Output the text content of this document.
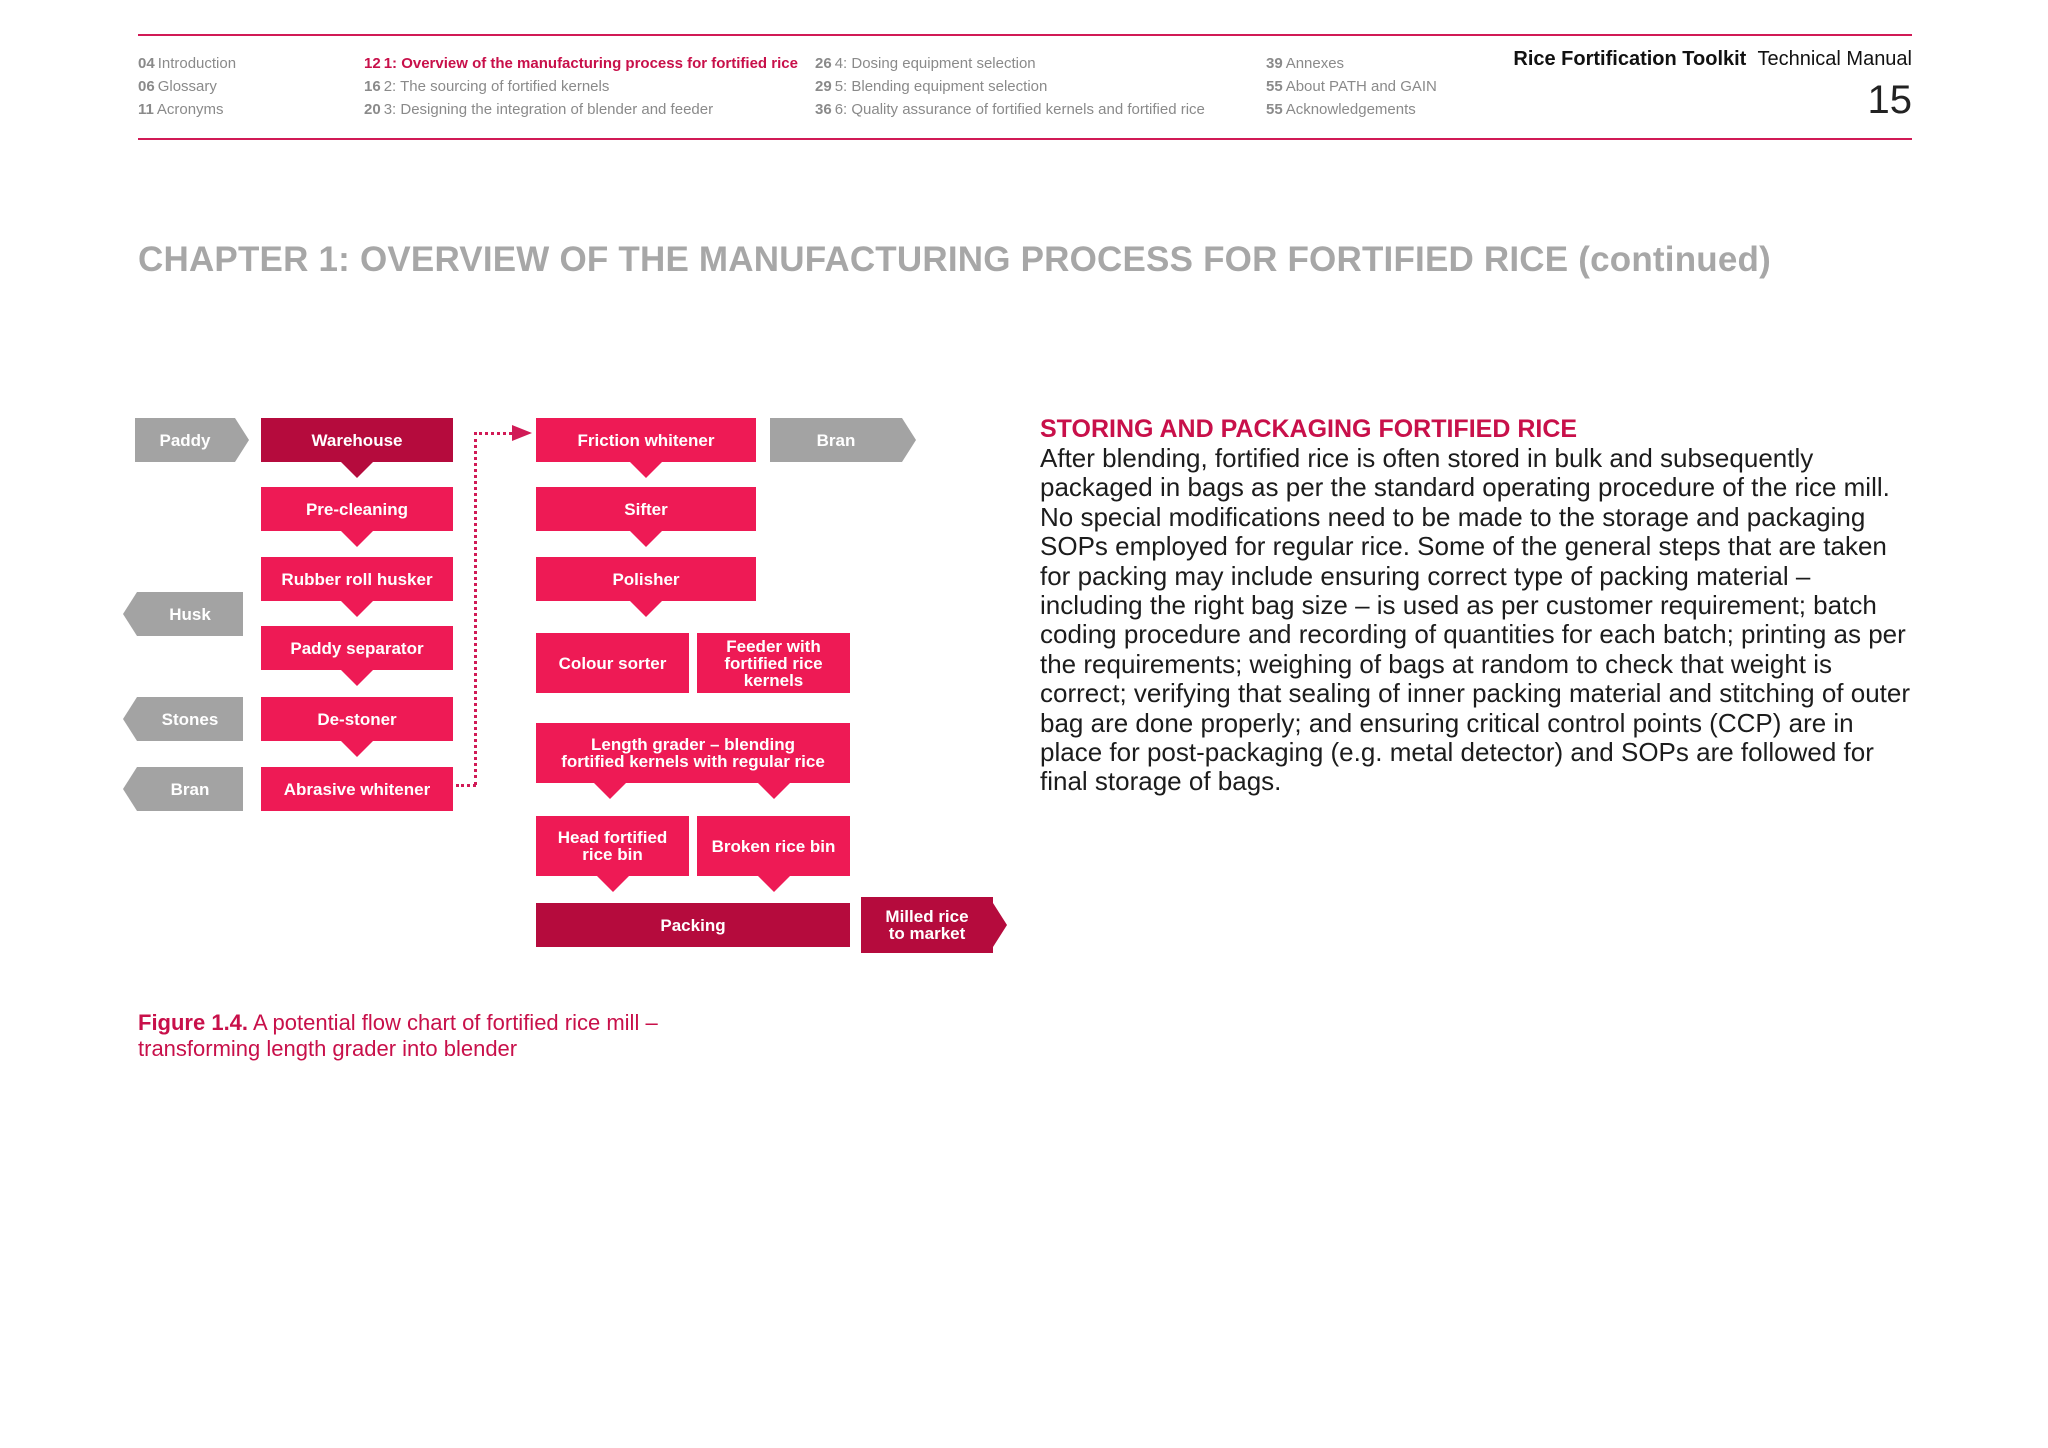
04 Introduction
06 Glossary
11 Acronyms
12 1: Overview of the manufacturing process for fortified rice
16 2: The sourcing of fortified kernels
20 3: Designing the integration of blender and feeder
26 4: Dosing equipment selection
29 5: Blending equipment selection
36 6: Quality assurance of fortified kernels and fortified rice
39 Annexes
55 About PATH and GAIN
55 Acknowledgements
Rice Fortification Toolkit Technical Manual
15
CHAPTER 1: OVERVIEW OF THE MANUFACTURING PROCESS FOR FORTIFIED RICE (continued)
Paddy
Husk
Stones
Bran
Warehouse
Pre-cleaning
Rubber roll husker
Paddy separator
De-stoner
Abrasive whitener
Friction whitener	Bran
Sifter
Polisher
Colour sorter
Feeder with
fortified rice
kernels
Length grader – blending
fortified kernels with regular rice
Head fortified
rice bin	Broken rice bin
Packing	Milled rice
to market

Figure 1.4. A potential flow chart of fortified rice mill – transforming length grader into blender

STORING AND PACKAGING FORTIFIED RICE

After blending, fortified rice is often stored in bulk and subsequently packaged in bags as per the standard operating procedure of the rice mill. No special modifications need to be made to the storage and packaging SOPs employed for regular rice. Some of the general steps that are taken for packing may include ensuring correct type of packing material – including the right bag size – is used as per customer requirement; batch coding procedure and recording of quantities for each batch; printing as per the requirements; weighing of bags at random to check that weight is correct; verifying that sealing of inner packing material and stitching of outer bag are done properly; and ensuring critical control points (CCP) are in place for post-packaging (e.g. metal detector) and SOPs are followed for final storage of bags.
